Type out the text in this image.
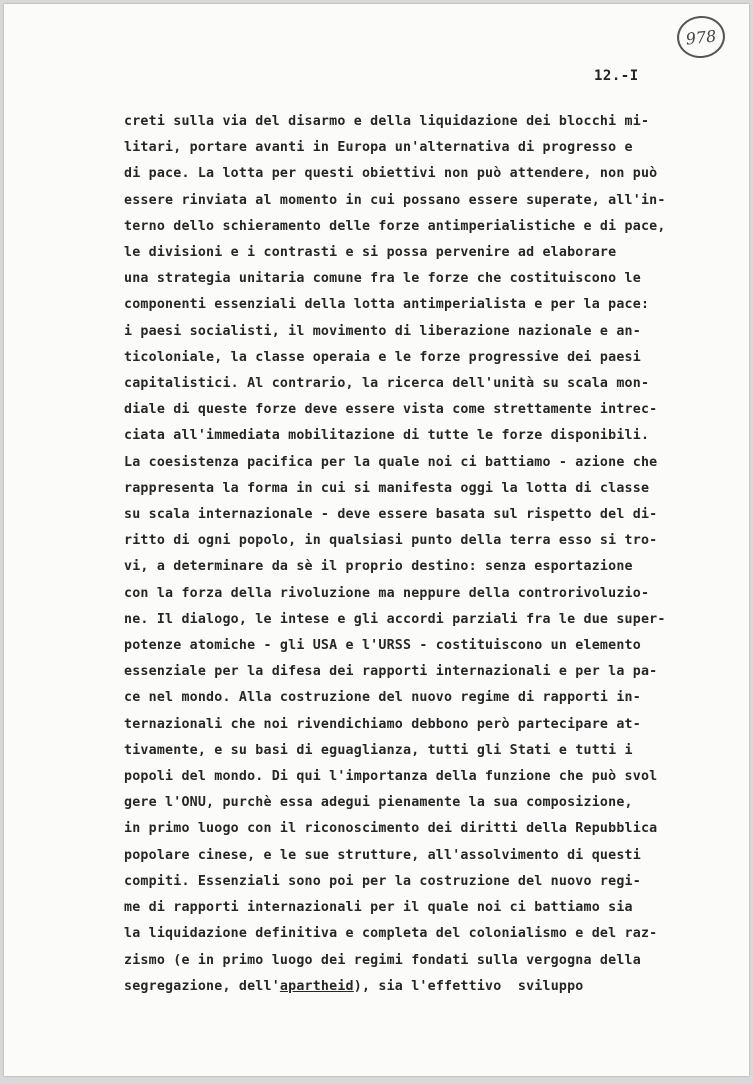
978
12.-I
creti sulla via del disarmo e della liquidazione dei blocchi mi-
litari, portare avanti in Europa un'alternativa di progresso e
di pace. La lotta per questi obiettivi non può attendere, non può
essere rinviata al momento in cui possano essere superate, all'in-
terno dello schieramento delle forze antimperialistiche e di pace,
le divisioni e i contrasti e si possa pervenire ad elaborare
una strategia unitaria comune fra le forze che costituiscono le
componenti essenziali della lotta antimperialista e per la pace:
i paesi socialisti, il movimento di liberazione nazionale e an-
ticoloniale, la classe operaia e le forze progressive dei paesi
capitalistici. Al contrario, la ricerca dell'unità su scala mon-
diale di queste forze deve essere vista come strettamente intrec-
ciata all'immediata mobilitazione di tutte le forze disponibili.
La coesistenza pacifica per la quale noi ci battiamo - azione che
rappresenta la forma in cui si manifesta oggi la lotta di classe
su scala internazionale - deve essere basata sul rispetto del di-
ritto di ogni popolo, in qualsiasi punto della terra esso si tro-
vi, a determinare da sè il proprio destino: senza esportazione
con la forza della rivoluzione ma neppure della controrivoluzio-
ne. Il dialogo, le intese e gli accordi parziali fra le due super-
potenze atomiche - gli USA e l'URSS - costituiscono un elemento
essenziale per la difesa dei rapporti internazionali e per la pa-
ce nel mondo. Alla costruzione del nuovo regime di rapporti in-
ternazionali che noi rivendichiamo debbono però partecipare at-
tivamente, e su basi di eguaglianza, tutti gli Stati e tutti i
popoli del mondo. Di qui l'importanza della funzione che può svol
gere l'ONU, purchè essa adegui pienamente la sua composizione,
in primo luogo con il riconoscimento dei diritti della Repubblica
popolare cinese, e le sue strutture, all'assolvimento di questi
compiti. Essenziali sono poi per la costruzione del nuovo regi-
me di rapporti internazionali per il quale noi ci battiamo sia
la liquidazione definitiva e completa del colonialismo e del raz-
zismo (e in primo luogo dei regimi fondati sulla vergogna della
segregazione, dell'apartheid), sia l'effettivo  sviluppo
